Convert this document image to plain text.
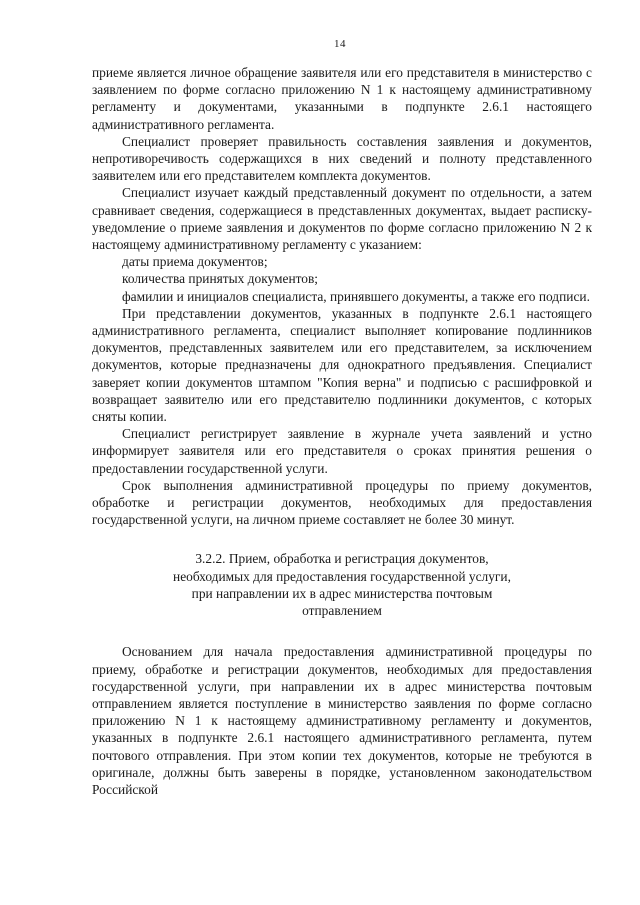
14

приеме является личное обращение заявителя или его представителя в министерство с заявлением по форме согласно приложению N 1 к настоящему административному регламенту и документами, указанными в подпункте 2.6.1 настоящего административного регламента.

Специалист проверяет правильность составления заявления и документов, непротиворечивость содержащихся в них сведений и полноту представленного заявителем или его представителем комплекта документов.

Специалист изучает каждый представленный документ по отдельности, а затем сравнивает сведения, содержащиеся в представленных документах, выдает расписку-уведомление о приеме заявления и документов по форме согласно приложению N 2 к настоящему административному регламенту с указанием:

даты приема документов;

количества принятых документов;

фамилии и инициалов специалиста, принявшего документы, а также его подписи.

При представлении документов, указанных в подпункте 2.6.1 настоящего административного регламента, специалист выполняет копирование подлинников документов, представленных заявителем или его представителем, за исключением документов, которые предназначены для однократного предъявления. Специалист заверяет копии документов штампом "Копия верна" и подписью с расшифровкой и возвращает заявителю или его представителю подлинники документов, с которых сняты копии.

Специалист регистрирует заявление в журнале учета заявлений и устно информирует заявителя или его представителя о сроках принятия решения о предоставлении государственной услуги.

Срок выполнения административной процедуры по приему документов, обработке и регистрации документов, необходимых для предоставления государственной услуги, на личном приеме составляет не более 30 минут.

3.2.2. Прием, обработка и регистрация документов,
необходимых для предоставления государственной услуги,
при направлении их в адрес министерства почтовым
отправлением

Основанием для начала предоставления административной процедуры по приему, обработке и регистрации документов, необходимых для предоставления государственной услуги, при направлении их в адрес министерства почтовым отправлением является поступление в министерство заявления по форме согласно приложению N 1 к настоящему административному регламенту и документов, указанных в подпункте 2.6.1 настоящего административного регламента, путем почтового отправления. При этом копии тех документов, которые не требуются в оригинале, должны быть заверены в порядке, установленном законодательством Российской
